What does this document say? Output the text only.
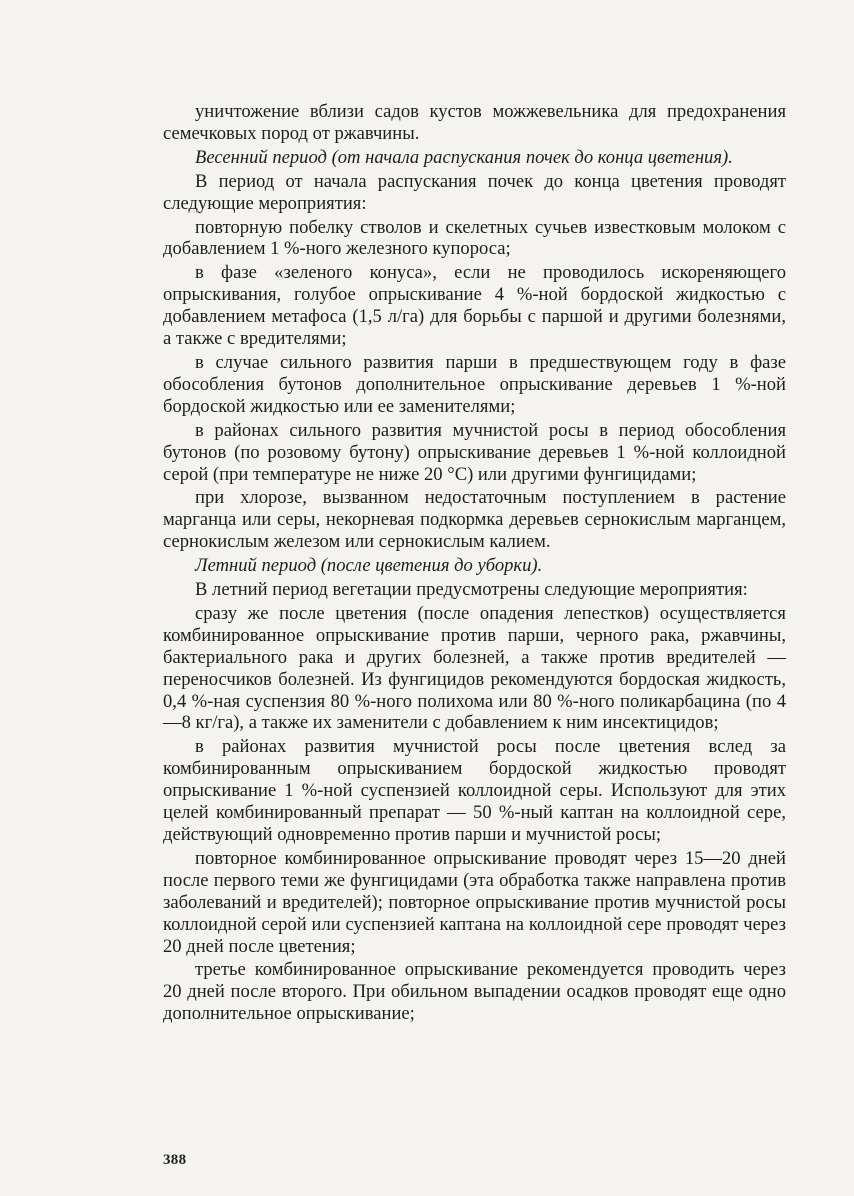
уничтожение вблизи садов кустов можжевельника для предохранения семечковых пород от ржавчины.

Весенний период (от начала распускания почек до конца цветения).

В период от начала распускания почек до конца цветения проводят следующие мероприятия:

повторную побелку стволов и скелетных сучьев известковым молоком с добавлением 1 %-ного железного купороса;

в фазе «зеленого конуса», если не проводилось искореняющего опрыскивания, голубое опрыскивание 4 %-ной бордоской жидкостью с добавлением метафоса (1,5 л/га) для борьбы с паршой и другими болезнями, а также с вредителями;

в случае сильного развития парши в предшествующем году в фазе обособления бутонов дополнительное опрыскивание деревьев 1 %-ной бордоской жидкостью или ее заменителями;

в районах сильного развития мучнистой росы в период обособления бутонов (по розовому бутону) опрыскивание деревьев 1 %-ной коллоидной серой (при температуре не ниже 20 °С) или другими фунгицидами;

при хлорозе, вызванном недостаточным поступлением в растение марганца или серы, некорневая подкормка деревьев сернокислым марганцем, сернокислым железом или сернокислым калием.

Летний период (после цветения до уборки).

В летний период вегетации предусмотрены следующие мероприятия:

сразу же после цветения (после опадения лепестков) осуществляется комбинированное опрыскивание против парши, черного рака, ржавчины, бактериального рака и других болезней, а также против вредителей — переносчиков болезней. Из фунгицидов рекомендуются бордоская жидкость, 0,4 %-ная суспензия 80 %-ного полихома или 80 %-ного поликарбацина (по 4—8 кг/га), а также их заменители с добавлением к ним инсектицидов;

в районах развития мучнистой росы после цветения вслед за комбинированным опрыскиванием бордоской жидкостью проводят опрыскивание 1 %-ной суспензией коллоидной серы. Используют для этих целей комбинированный препарат — 50 %-ный каптан на коллоидной сере, действующий одновременно против парши и мучнистой росы;

повторное комбинированное опрыскивание проводят через 15—20 дней после первого теми же фунгицидами (эта обработка также направлена против заболеваний и вредителей); повторное опрыскивание против мучнистой росы коллоидной серой или суспензией каптана на коллоидной сере проводят через 20 дней после цветения;

третье комбинированное опрыскивание рекомендуется проводить через 20 дней после второго. При обильном выпадении осадков проводят еще одно дополнительное опрыскивание;

388
